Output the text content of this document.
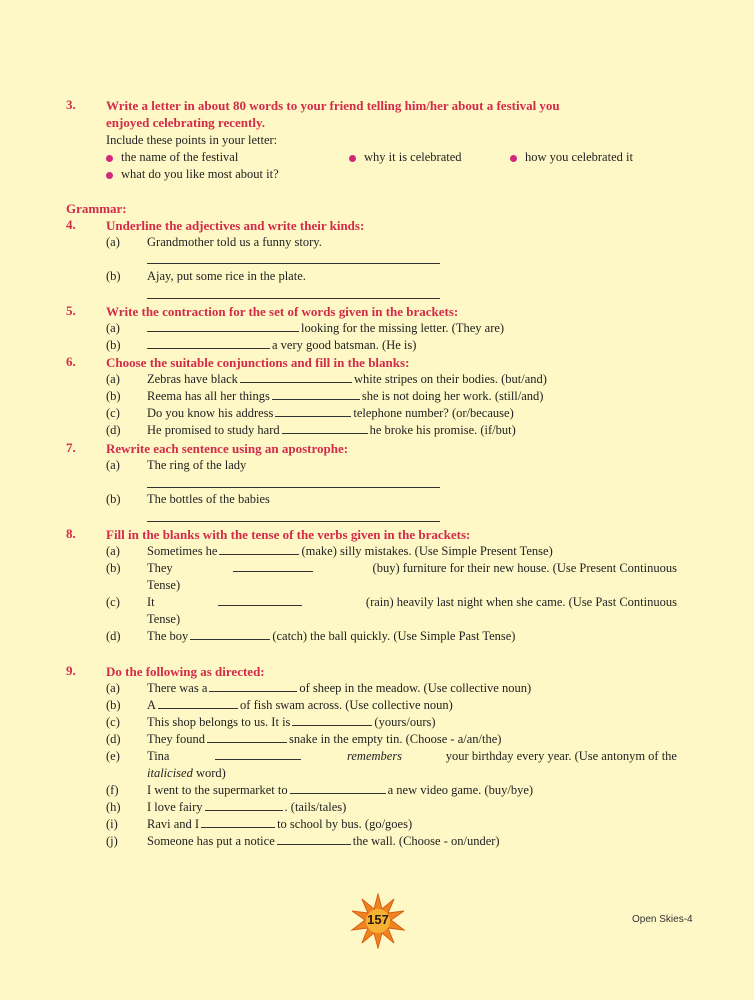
3. Write a letter in about 80 words to your friend telling him/her about a festival you
enjoyed celebrating recently.
Include these points in your letter:
the name of the festival	why it is celebrated	how you celebrated it
what do you like most about it?
Grammar:
4. Underline the adjectives and write their kinds:
(a) Grandmother told us a funny story.
(b) Ajay, put some rice in the plate.
5. Write the contraction for the set of words given in the brackets:
(a)	looking for the missing letter. (They are)
(b)	a very good batsman. (He is)
6. Choose the suitable conjunctions and fill in the blanks:
(a) Zebras have black	white stripes on their bodies. (but/and)
(b) Reema has all her things	she is not doing her work. (still/and)
(c) Do you know his address	telephone number? (or/because)
(d) He promised to study hard	he broke his promise. (if/but)
7. Rewrite each sentence using an apostrophe:
(a) The ring of the lady
(b) The bottles of the babies
8. Fill in the blanks with the tense of the verbs given in the brackets:
(a) Sometimes he	(make) silly mistakes. (Use Simple Present Tense)
(b) They	(buy) furniture for their new house. (Use Present Continuous
Tense)
(c) It	(rain) heavily last night when she came. (Use Past Continuous
Tense)
(d) The boy	(catch) the ball quickly. (Use Simple Past Tense)
9. Do the following as directed:
(a) There was a	of sheep in the meadow. (Use collective noun)
(b) A	of fish swam across. (Use collective noun)
(c) This shop belongs to us. It is	(yours/ours)
(d) They found	snake in the empty tin. (Choose - a/an/the)
(e) Tina	remembers	your birthday every year. (Use antonym of the
italicised word)
(f) I went to the supermarket to	a new video game. (buy/bye)
(h) I love fairy	. (tails/tales)
(i) Ravi and I	to school by bus. (go/goes)
(j) Someone has put a notice	the wall. (Choose - on/under)
157	Open Skies-4
